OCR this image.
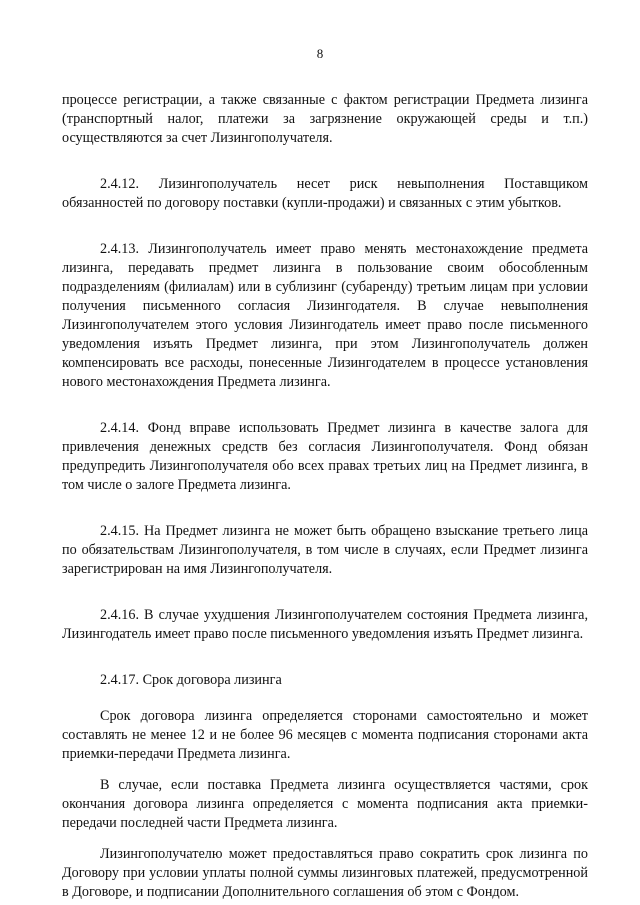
8

процессе регистрации, а также связанные с фактом регистрации Предмета лизинга (транспортный налог, платежи за загрязнение окружающей среды и т.п.) осуществляются за счет Лизингополучателя.

2.4.12. Лизингополучатель несет риск невыполнения Поставщиком обязанностей по договору поставки (купли-продажи) и связанных с этим убытков.

2.4.13. Лизингополучатель имеет право менять местонахождение предмета лизинга, передавать предмет лизинга в пользование своим обособленным подразделениям (филиалам) или в сублизинг (субаренду) третьим лицам при условии получения письменного согласия Лизингодателя. В случае невыполнения Лизингополучателем этого условия Лизингодатель имеет право после письменного уведомления изъять Предмет лизинга, при этом Лизингополучатель должен компенсировать все расходы, понесенные Лизингодателем в процессе установления нового местонахождения Предмета лизинга.

2.4.14. Фонд вправе использовать Предмет лизинга в качестве залога для привлечения денежных средств без согласия Лизингополучателя. Фонд обязан предупредить Лизингополучателя обо всех правах третьих лиц на Предмет лизинга, в том числе о залоге Предмета лизинга.

2.4.15. На Предмет лизинга не может быть обращено взыскание третьего лица по обязательствам Лизингополучателя, в том числе в случаях, если Предмет лизинга зарегистрирован на имя Лизингополучателя.

2.4.16. В случае ухудшения Лизингополучателем состояния Предмета лизинга, Лизингодатель имеет право после письменного уведомления изъять Предмет лизинга.

2.4.17. Срок договора лизинга

Срок договора лизинга определяется сторонами самостоятельно и может составлять не менее 12 и не более 96 месяцев с момента подписания сторонами акта приемки-передачи Предмета лизинга.

В случае, если поставка Предмета лизинга осуществляется частями, срок окончания договора лизинга определяется с момента подписания акта приемки-передачи последней части Предмета лизинга.

Лизингополучателю может предоставляться право сократить срок лизинга по Договору при условии уплаты полной суммы лизинговых платежей, предусмотренной в Договоре, и подписании Дополнительного соглашения об этом с Фондом.
